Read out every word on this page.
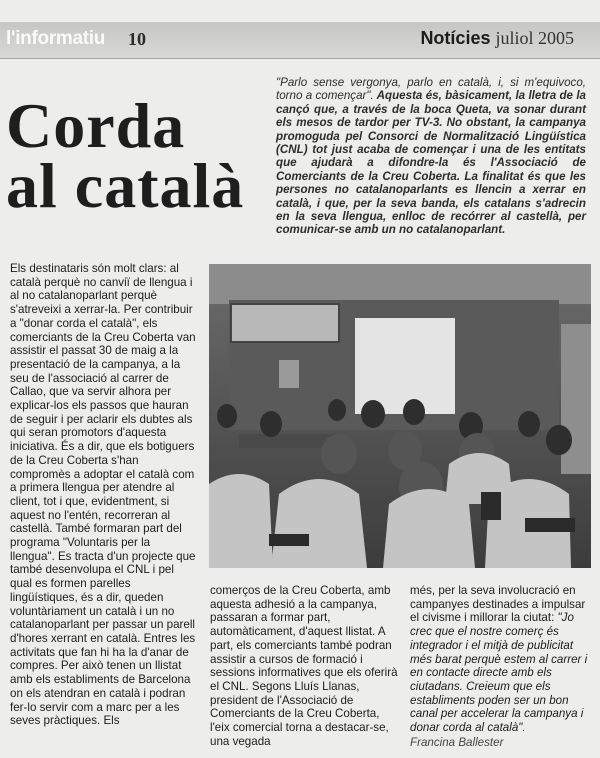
l'informatiu 10	Notícies juliol 2005
Corda
al català
"Parlo sense vergonya, parlo en català, i, si m'equivoco, torno a començar". Aquesta és, bàsicament, la lletra de la cançó que, a través de la boca Queta, va sonar durant els mesos de tardor per TV-3. No obstant, la campanya promoguda pel Consorci de Normalització Lingüística (CNL) tot just acaba de començar i una de les entitats que ajudarà a difondre-la és l'Associació de Comerciants de la Creu Coberta. La finalitat és que les persones no catalanoparlants es llencin a xerrar en català, i que, per la seva banda, els catalans s'adrecin en la seva llengua, enlloc de recórrer al castellà, per comunicar-se amb un no catalanoparlant.
Els destinataris són molt clars: al català perquè no canviï de llengua i al no catalanoparlant perquè s'atreveixi a xerrar-la. Per contribuir a "donar corda el català", els comerciants de la Creu Coberta van assistir el passat 30 de maig a la presentació de la campanya, a la seu de l'associació al carrer de Callao, que va servir alhora per explicar-los els passos que hauran de seguir i per aclarir els dubtes als qui seran promotors d'aquesta iniciativa. És a dir, que els botiguers de la Creu Coberta s'han compromès a adoptar el català com a primera llengua per atendre al client, tot i que, evidentment, si aquest no l'entén, recorreran al castellà. També formaran part del programa "Voluntaris per la llengua". Es tracta d'un projecte que també desenvolupa el CNL i pel qual es formen parelles lingüístiques, és a dir, queden voluntàriament un català i un no catalanoparlant per passar un parell d'hores xerrant en català. Entres les activitats que fan hi ha la d'anar de compres. Per això tenen un llistat amb els establiments de Barcelona on els atendran en català i podran fer-lo servir com a marc per a les seves pràctiques. Els
comerços de la Creu Coberta, amb aquesta adhesió a la campanya, passaran a formar part, automàticament, d'aquest llistat. A part, els comerciants també podran assistir a cursos de formació i sessions informatives que els oferirà el CNL. Segons Lluís Llanas, president de l'Associació de Comerciants de la Creu Coberta, l'eix comercial torna a destacar-se, una vegada
més, per la seva involucració en campanyes destinades a impulsar el civisme i millorar la ciutat: "Jo crec que el nostre comerç és integrador i el mitjà de publicitat més barat perquè estem al carrer i en contacte directe amb els ciutadans. Creieum que els establiments poden ser un bon canal per accelerar la campanya i donar corda al català".
Francina Ballester
